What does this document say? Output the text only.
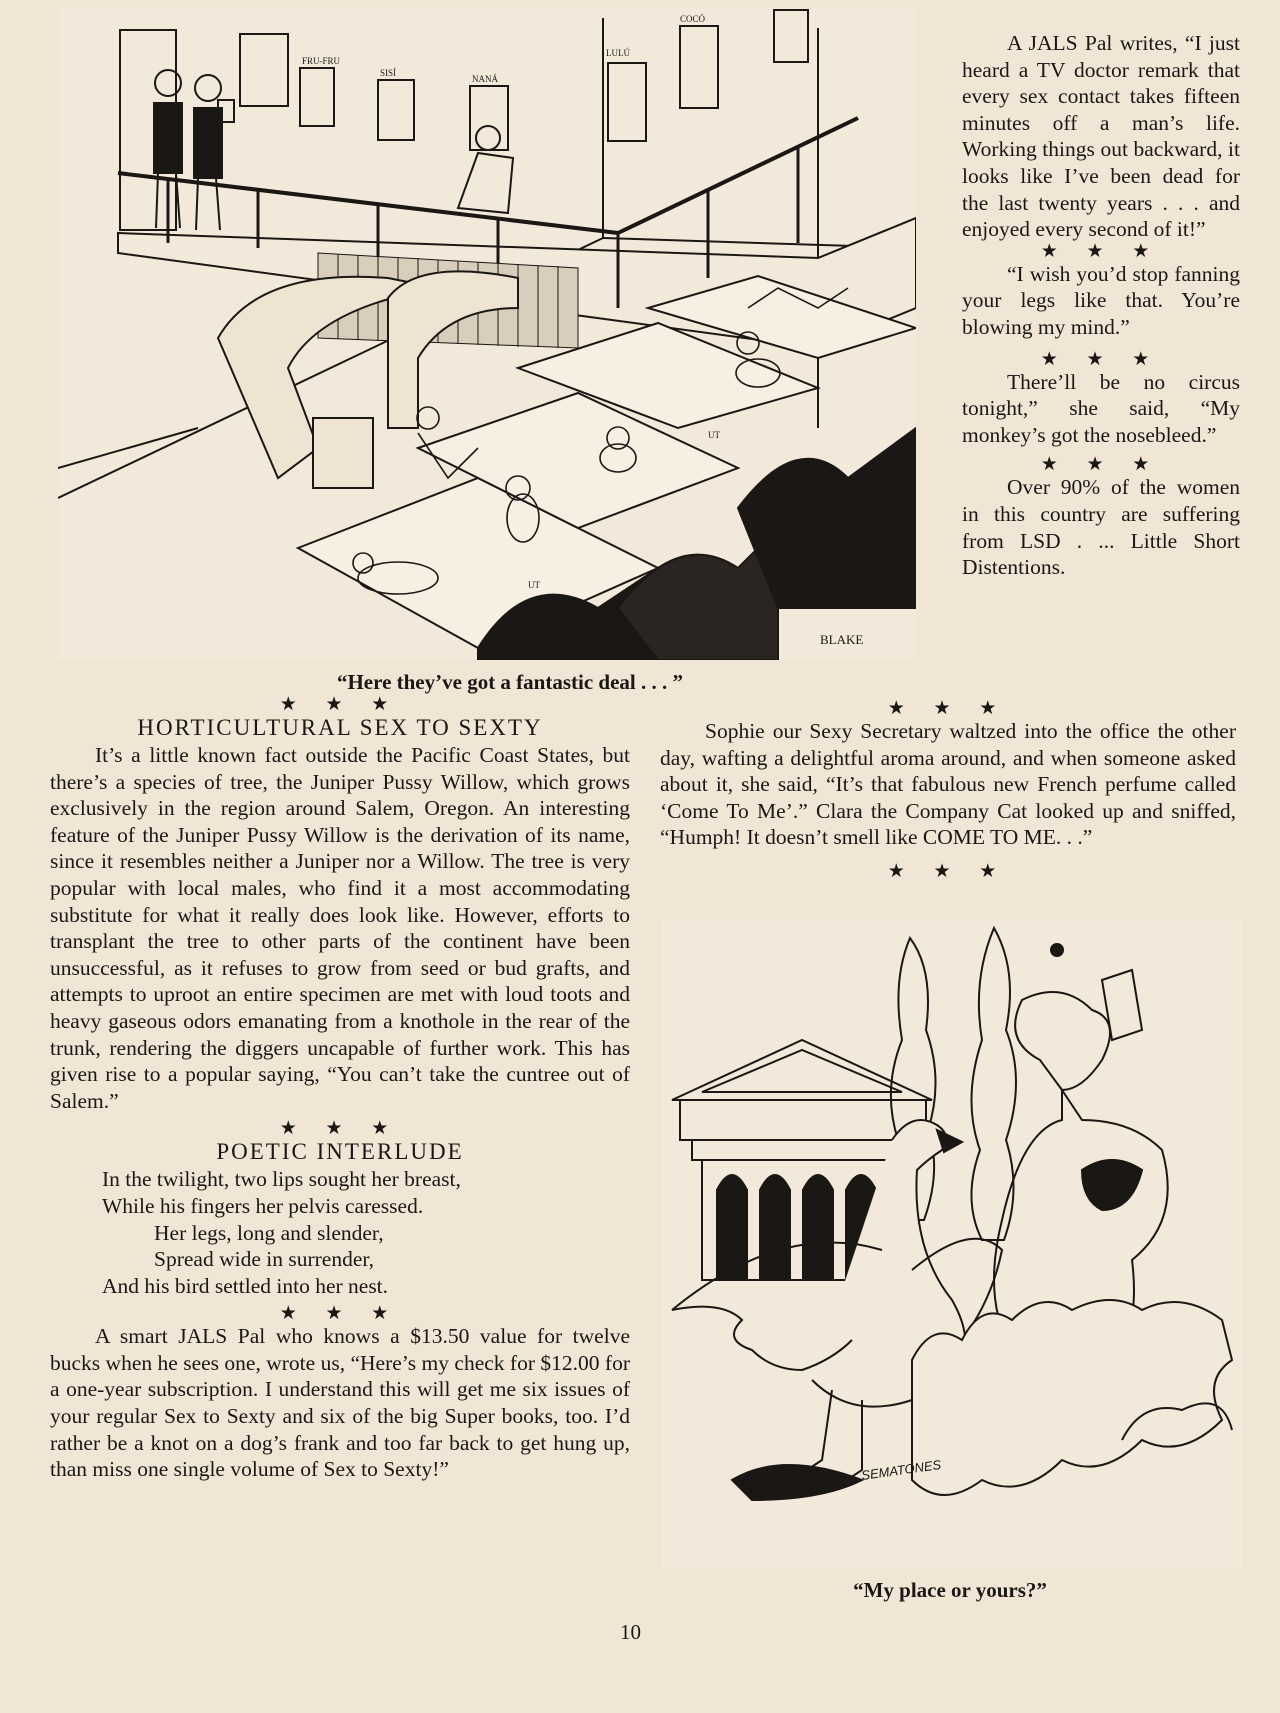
FRU-FRU
SISÍ
NANÁ
LULÚ
COCÓ
UT
UT
BLAKE
“Here they’ve got a fantastic deal . . . ”

A JALS Pal writes, “I just heard a TV doctor remark that every sex contact takes fifteen minutes off a man’s life. Working things out backward, it looks like I’ve been dead for the last twenty years . . . and enjoyed every second of it!”

★ ★ ★

“I wish you’d stop fanning your legs like that. You’re blowing my mind.”

★ ★ ★

There’ll be no circus tonight,” she said, “My monkey’s got the nosebleed.”

★ ★ ★

Over 90% of the women in this country are suffering from LSD . ... Little Short Distentions.

★ ★ ★
HORTICULTURAL SEX TO SEXTY

It’s a little known fact outside the Pacific Coast States, but there’s a species of tree, the Juniper Pussy Willow, which grows exclusively in the region around Salem, Oregon. An interesting feature of the Juniper Pussy Willow is the derivation of its name, since it resembles neither a Juniper nor a Willow. The tree is very popular with local males, who find it a most accommodating substitute for what it really does look like. However, efforts to transplant the tree to other parts of the continent have been unsuccessful, as it refuses to grow from seed or bud grafts, and attempts to uproot an entire specimen are met with loud toots and heavy gaseous odors emanating from a knothole in the rear of the trunk, rendering the diggers uncapable of further work. This has given rise to a popular saying, “You can’t take the cuntree out of Salem.”

★ ★ ★
POETIC INTERLUDE
In the twilight, two lips sought her breast,
While his fingers her pelvis caressed.
Her legs, long and slender,
Spread wide in surrender,
And his bird settled into her nest.
★ ★ ★

A smart JALS Pal who knows a $13.50 value for twelve bucks when he sees one, wrote us, “Here’s my check for $12.00 for a one-year subscription. I understand this will get me six issues of your regular Sex to Sexty and six of the big Super books, too. I’d rather be a knot on a dog’s frank and too far back to get hung up, than miss one single volume of Sex to Sexty!”

★ ★ ★

Sophie our Sexy Secretary waltzed into the office the other day, wafting a delightful aroma around, and when someone asked about it, she said, “It’s that fabulous new French perfume called ‘Come To Me’.” Clara the Company Cat looked up and sniffed, “Humph! It doesn’t smell like COME TO ME. . .”

★ ★ ★
SEMATONES
“My place or yours?”
10
